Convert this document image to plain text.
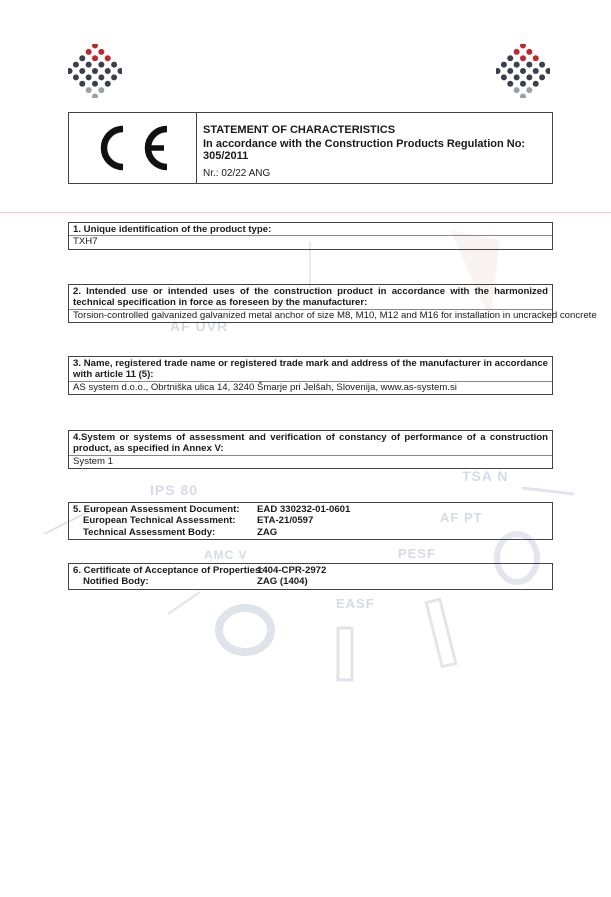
AF UVR
IPS 80
TSA N
AF PT
PESF
EASF
AMC V
STATEMENT OF CHARACTERISTICS
In accordance with the Construction Products Regulation No: 305/2011
Nr.: 02/22 ANG
1. Unique identification of the product type:
TXH7
2. Intended use or intended uses of the construction product in accordance with the harmonized technical specification in force as foreseen by the manufacturer:
Torsion-controlled galvanized galvanized metal anchor of size M8, M10, M12 and M16 for installation in uncracked concrete
3. Name, registered trade name or registered trade mark and address of the manufacturer in accordance with article 11 (5):
AS system d.o.o., Obrtniška ulica 14, 3240 Šmarje pri Jelšah, Slovenija, www.as-system.si
4.System or systems of assessment and verification of constancy of performance of a construction product, as specified in Annex V:
System 1
5. European Assessment Document:	EAD 330232-01-0601
European Technical Assessment:	ETA-21/0597
Technical Assessment Body:	ZAG
6. Certificate of Acceptance of Properties:
1404-CPR-2972
Notified Body:	ZAG (1404)
